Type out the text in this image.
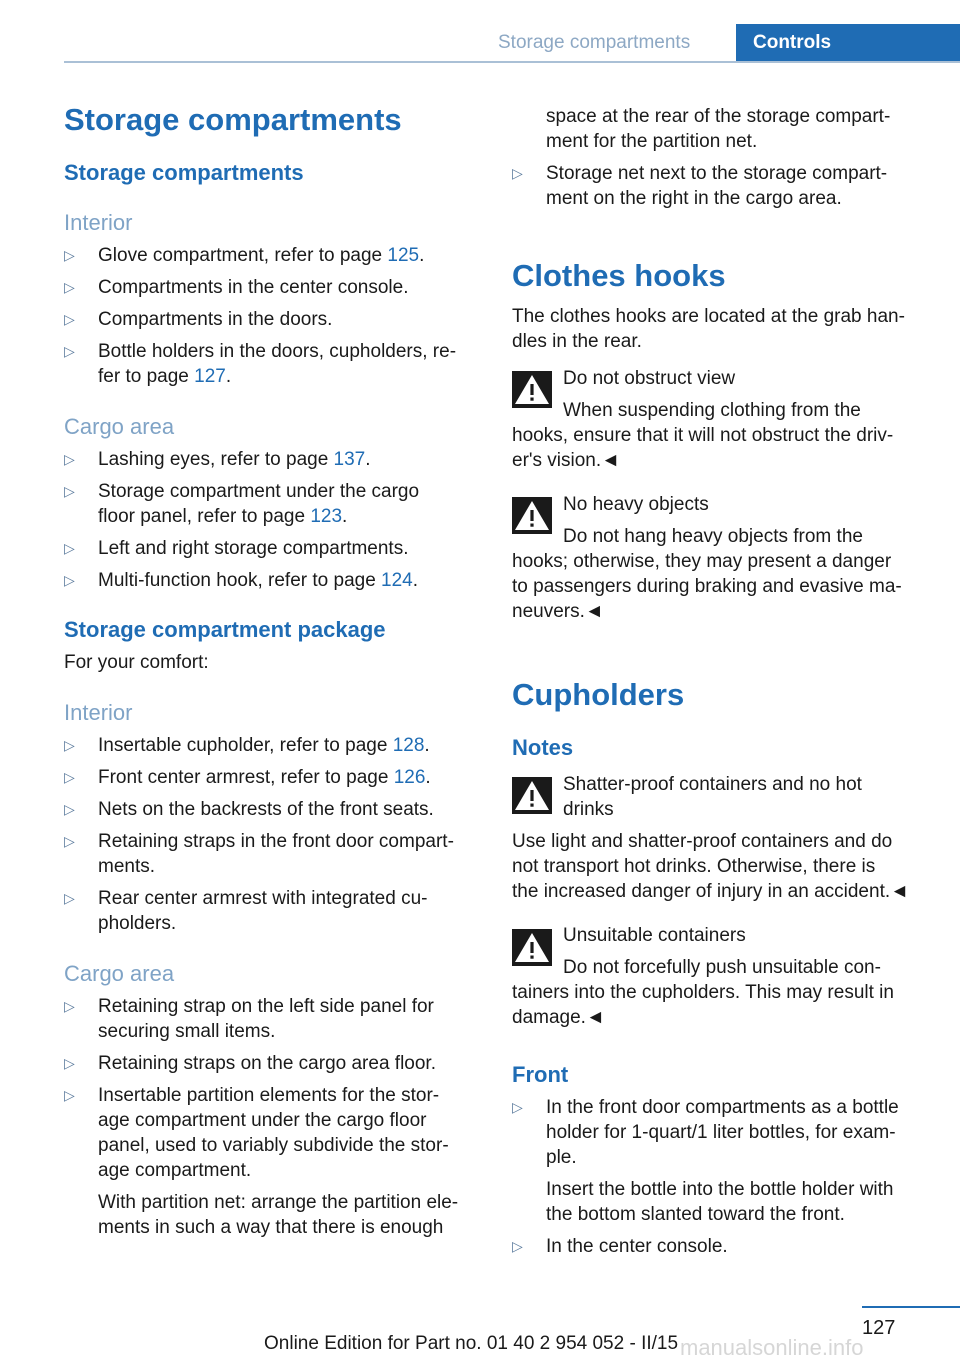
Storage compartments	Controls
Storage compartments
Storage compartments
Interior
▷ Glove compartment, refer to page 125.
▷ Compartments in the center console.
▷ Compartments in the doors.
▷ Bottle holders in the doors, cupholders, re-
fer to page 127.
Cargo area
▷ Lashing eyes, refer to page 137.
▷ Storage compartment under the cargo
floor panel, refer to page 123.
▷ Left and right storage compartments.
▷ Multi-function hook, refer to page 124.
Storage compartment package
For your comfort:
Interior
▷ Insertable cupholder, refer to page 128.
▷ Front center armrest, refer to page 126.
▷ Nets on the backrests of the front seats.
▷ Retaining straps in the front door compart-
ments.
▷ Rear center armrest with integrated cu-
pholders.
Cargo area
▷ Retaining strap on the left side panel for
securing small items.
▷ Retaining straps on the cargo area floor.
▷ Insertable partition elements for the stor-
age compartment under the cargo floor
panel, used to variably subdivide the stor-
age compartment.
With partition net: arrange the partition ele-
ments in such a way that there is enough
space at the rear of the storage compart-
ment for the partition net.
▷ Storage net next to the storage compart-
ment on the right in the cargo area.
Clothes hooks
The clothes hooks are located at the grab han-
dles in the rear.
Do not obstruct view
When suspending clothing from the
hooks, ensure that it will not obstruct the driv-
er's vision.◄
No heavy objects
Do not hang heavy objects from the
hooks; otherwise, they may present a danger
to passengers during braking and evasive ma-
neuvers.◄
Cupholders
Notes
Shatter-proof containers and no hot
drinks
Use light and shatter-proof containers and do
not transport hot drinks. Otherwise, there is
the increased danger of injury in an accident.◄
Unsuitable containers
Do not forcefully push unsuitable con-
tainers into the cupholders. This may result in
damage.◄
Front
▷ In the front door compartments as a bottle
holder for 1-quart/1 liter bottles, for exam-
ple.
Insert the bottle into the bottle holder with
the bottom slanted toward the front.
▷ In the center console.
127
Online Edition for Part no. 01 40 2 954 052 - II/15 manualsonline.info
